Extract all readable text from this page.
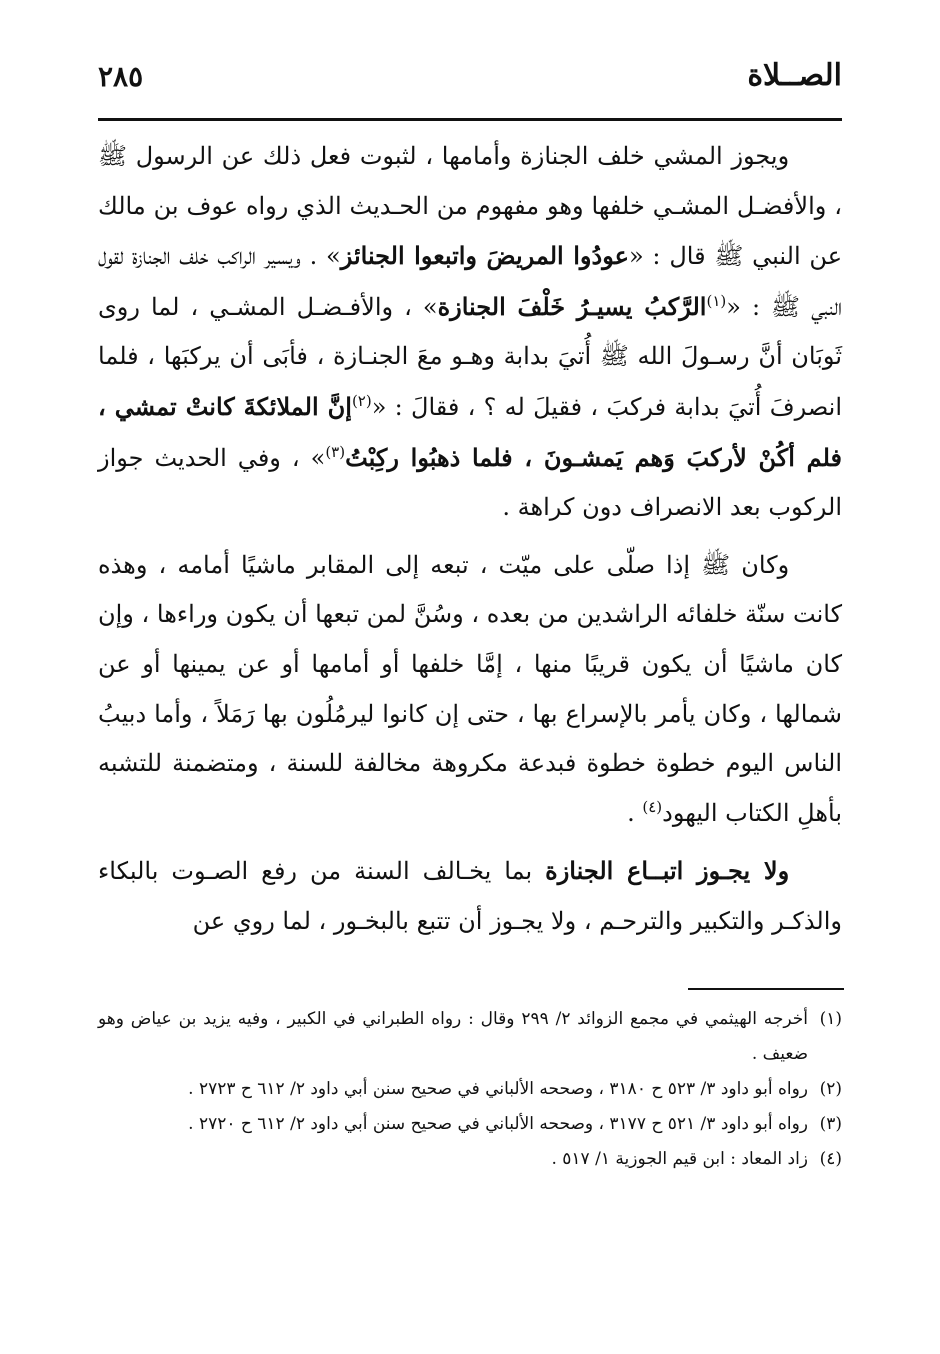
الصــلاة
٢٨٥

ويجوز المشي خلف الجنازة وأمامها ، لثبوت فعل ذلك عن الرسول ﷺ ، والأفضـل المشـي خلفها وهو مفهوم من الحـديث الذي رواه عوف بن مالك عن النبي ﷺ قال : «عودُوا المريضَ واتبعوا الجنائز» . ويسير الراكب خلف الجنازة لقول النبي ﷺ : «$^{(١)}$الرَّكبُ يسيـرُ خَلْفَ الجنازة» ، والأفـضـل المشـي ، لما روى ثَوبَان أنَّ رسـولَ الله ﷺ أُتيَ بدابة وهـو معَ الجنـازة ، فأبَى أن يركبَها ، فلما انصرفَ أُتيَ بدابة فركبَ ، فقيلَ له ؟ ، فقالَ : «$^{(٢)}$إنَّ الملائكةَ كانتْ تمشي ، فلم أكُنْ لأركبَ وَهم يَمشـونَ ، فلما ذهبُوا ركِبْتُ$^{(٣)}$» ، وفي الحديث جواز الركوب بعد الانصراف دون كراهة .

وكان ﷺ إذا صلّى على ميّت ، تبعه إلى المقابر ماشيًا أمامه ، وهذه كانت سنّة خلفائه الراشدين من بعده ، وسُنَّ لمن تبعها أن يكون وراءها ، وإن كان ماشيًا أن يكون قريبًا منها ، إمَّا خلفها أو أمامها أو عن يمينها أو عن شمالها ، وكان يأمر بالإسراع بها ، حتى إن كانوا ليرمُلُون بها رَمَلاً ، وأما دبيبُ الناس اليوم خطوة خطوة فبدعة مكروهة مخالفة للسنة ، ومتضمنة للتشبه بأهلِ الكتاب اليهود$^{(٤)}$ .

ولا يجـوز اتبــاع الجنازة بما يخـالف السنة من رفع الصـوت بالبكاء والذكـر والتكبير والترحـم ، ولا يجـوز أن تتبع بالبخـور ، لما روي عن

(١)أخرجه الهيثمي في مجمع الزوائد ٢/ ٢٩٩ وقال : رواه الطبراني في الكبير ، وفيه يزيد بن عياض وهو ضعيف .

(٢)رواه أبو داود ٣/ ٥٢٣ ح ٣١٨٠ ، وصححه الألباني في صحيح سنن أبي داود ٢/ ٦١٢ ح ٢٧٢٣ .

(٣)رواه أبو داود ٣/ ٥٢١ ح ٣١٧٧ ، وصححه الألباني في صحيح سنن أبي داود ٢/ ٦١٢ ح ٢٧٢٠ .

(٤)زاد المعاد : ابن قيم الجوزية ١/ ٥١٧ .
